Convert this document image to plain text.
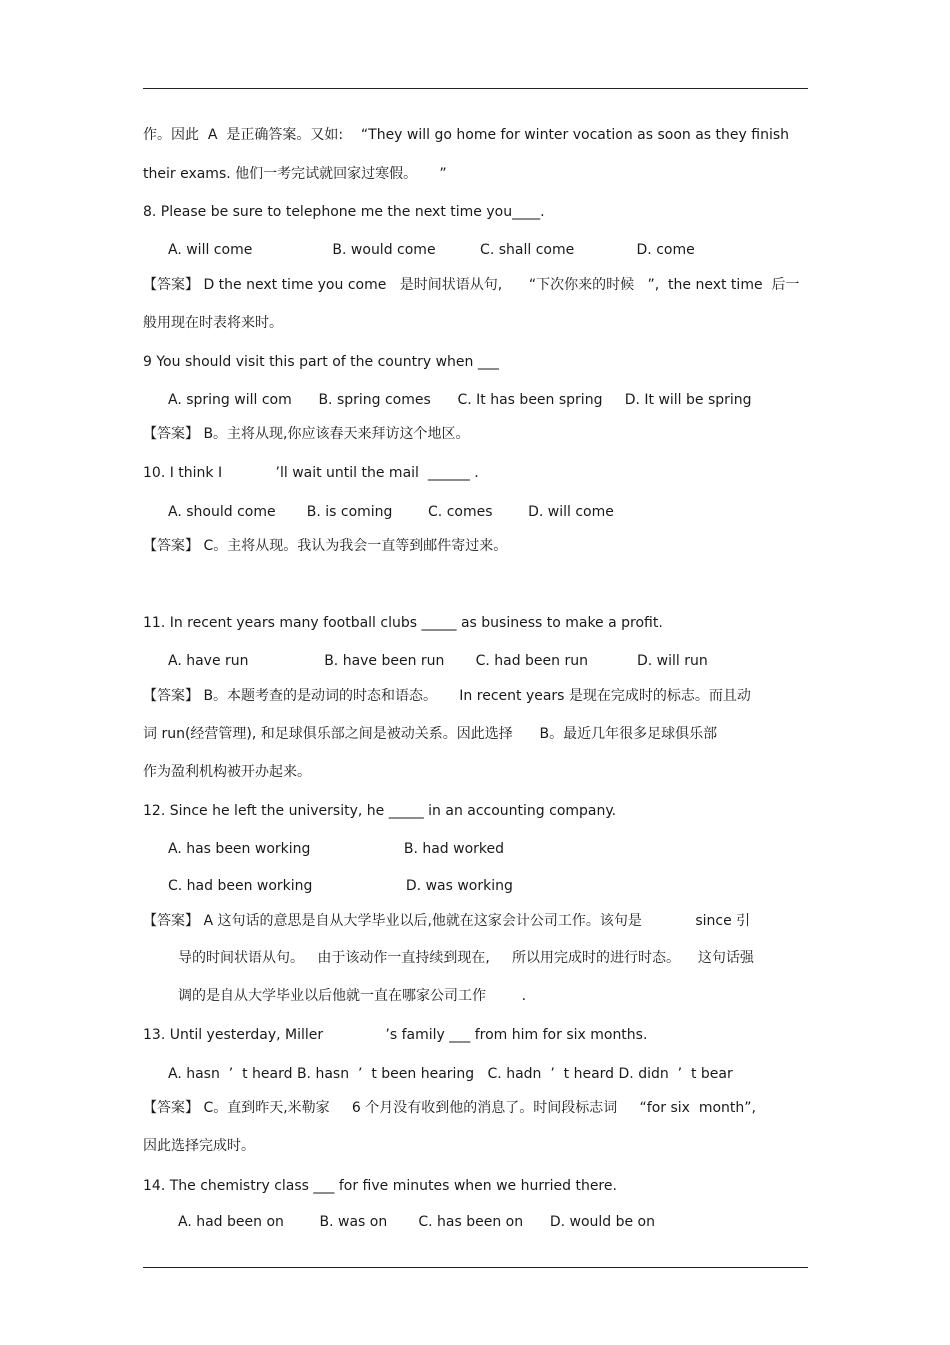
作。因此  A  是正确答案。又如:    “They will go home for winter vocation as soon as they finish
their exams. 他们一考完试就回家过寒假。     ”
8. Please be sure to telephone me the next time you____.
A. will come                  B. would come          C. shall come              D. come
【答案】 D the next time you come   是时间状语从句,      “下次你来的时候   ”,  the next time  后一
般用现在时表将来时。
9 You should visit this part of the country when ___
A. spring will com      B. spring comes      C. It has been spring     D. It will be spring
【答案】 B。主将从现,你应该春天来拜访这个地区。
10. I think I            ’ll wait until the mail  ______ .
A. should come       B. is coming        C. comes        D. will come
【答案】 C。主将从现。我认为我会一直等到邮件寄过来。
11. In recent years many football clubs _____ as business to make a profit.
A. have run                 B. have been run       C. had been run           D. will run
【答案】 B。本题考查的是动词的时态和语态。     In recent years 是现在完成时的标志。而且动
词 run(经营管理), 和足球俱乐部之间是被动关系。因此选择      B。最近几年很多足球俱乐部
作为盈利机构被开办起来。
12. Since he left the university, he _____ in an accounting company.
A. has been working                     B. had worked
C. had been working                     D. was working
【答案】 A 这句话的意思是自从大学毕业以后,他就在这家会计公司工作。该句是            since 引
导的时间状语从句。   由于该动作一直持续到现在,     所以用完成时的进行时态。    这句话强
调的是自从大学毕业以后他就一直在哪家公司工作        .
13. Until yesterday, Miller              ’s family ___ from him for six months.
A. hasn  ’  t heard B. hasn  ’  t been hearing   C. hadn  ’  t heard D. didn  ’  t bear
【答案】 C。直到昨天,米勒家     6 个月没有收到他的消息了。时间段标志词     “for six  month”,
因此选择完成时。
14. The chemistry class ___ for five minutes when we hurried there.
A. had been on        B. was on       C. has been on      D. would be on
